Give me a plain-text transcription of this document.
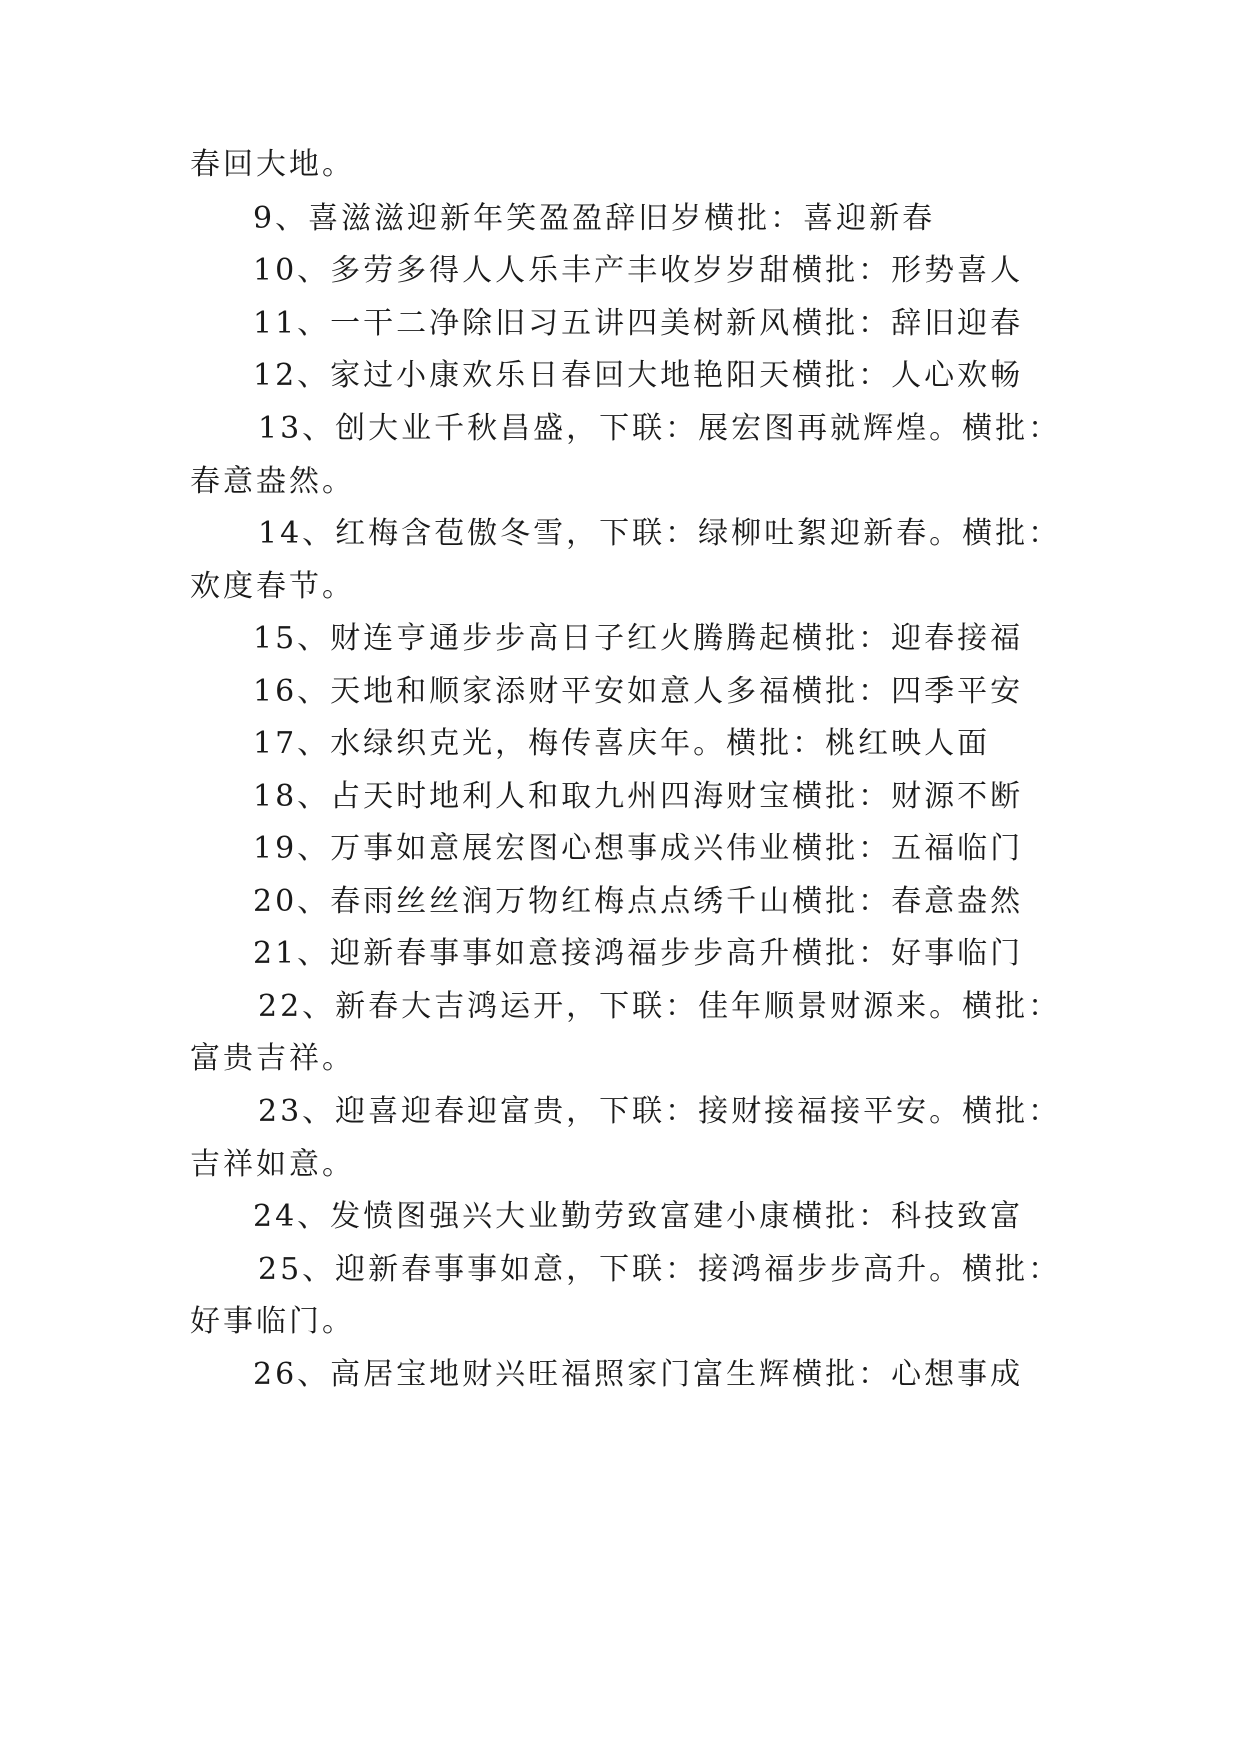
春回大地。
9、喜滋滋迎新年笑盈盈辞旧岁横批：喜迎新春
10、多劳多得人人乐丰产丰收岁岁甜横批：形势喜人
11、一干二净除旧习五讲四美树新风横批：辞旧迎春
12、家过小康欢乐日春回大地艳阳天横批：人心欢畅
13、创大业千秋昌盛，下联：展宏图再就辉煌。横批：
春意盎然。
14、红梅含苞傲冬雪，下联：绿柳吐絮迎新春。横批：
欢度春节。
15、财连亨通步步高日子红火腾腾起横批：迎春接福
16、天地和顺家添财平安如意人多福横批：四季平安
17、水绿织克光，梅传喜庆年。横批：桃红映人面
18、占天时地利人和取九州四海财宝横批：财源不断
19、万事如意展宏图心想事成兴伟业横批：五福临门
20、春雨丝丝润万物红梅点点绣千山横批：春意盎然
21、迎新春事事如意接鸿福步步高升横批：好事临门
22、新春大吉鸿运开，下联：佳年顺景财源来。横批：
富贵吉祥。
23、迎喜迎春迎富贵，下联：接财接福接平安。横批：
吉祥如意。
24、发愤图强兴大业勤劳致富建小康横批：科技致富
25、迎新春事事如意，下联：接鸿福步步高升。横批：
好事临门。
26、高居宝地财兴旺福照家门富生辉横批：心想事成
